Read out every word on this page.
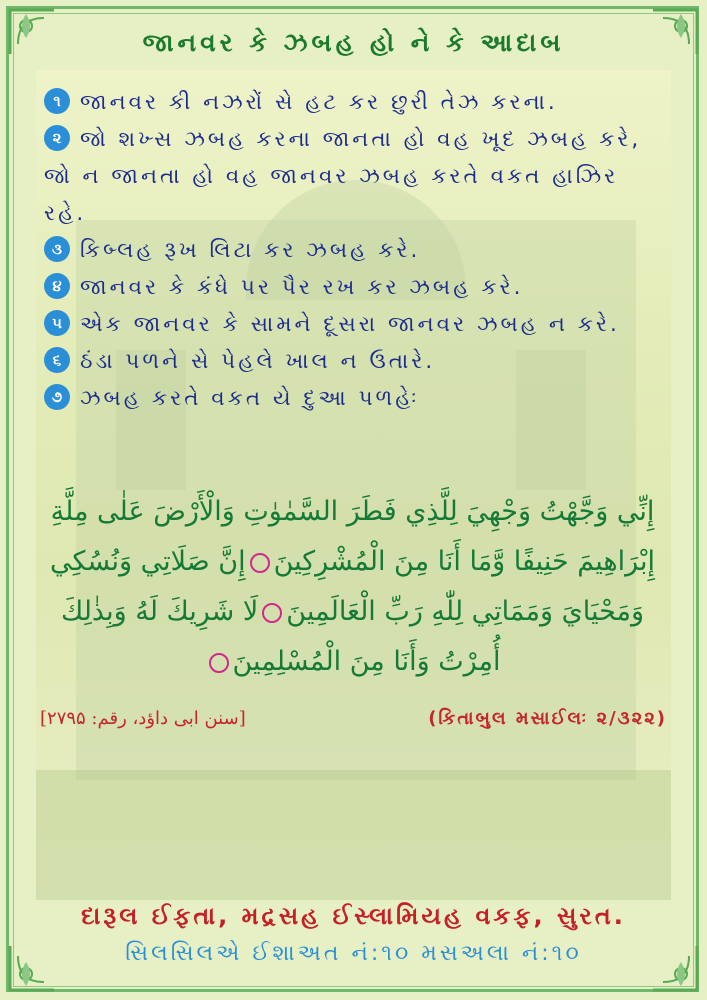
જાનવર કે ઝબહ હો ને કે આદાબ
૧ જાનવર કી નઝરોં સે હટ કર છુરી તેઝ કરના.
૨ જો શખ્સ ઝબહ કરના જાનતા હો વહ ખૂદ ઝબહ કરે, જો ન જાનતા હો વહ જાનવર ઝબહ કરતે વકત હાઝિર રહે.
૩ કિબ્લહ રૂખ લિટા કર ઝબહ કરે.
૪ જાનવર કે કંધે પર પૈર રખ કર ઝબહ કરે.
૫ એક જાનવર કે સામને દૂસરા જાનવર ઝબહ ન કરે.
૬ ઠંડા પળને સે પેહલે ખાલ ન ઉતારે.
૭ ઝબહ કરતે વકત યે દુઆ પળહેઃ
إِنِّي وَجَّهْتُ وَجْهِيَ لِلَّذِي فَطَرَ السَّمٰوٰتِ وَالْأَرْضَ عَلٰى مِلَّةِ
إِبْرَاهِيمَ حَنِيفًا وَّمَا أَنَا مِنَ الْمُشْرِكِينَإِنَّ صَلَاتِي وَنُسُكِي
وَمَحْيَايَ وَمَمَاتِي لِلّٰهِ رَبِّ الْعَالَمِينَلَا شَرِيكَ لَهُ وَبِذٰلِكَ
أُمِرْتُ وَأَنَا مِنَ الْمُسْلِمِينَ
[سنن ابی داؤد، رقم: ۲۷۹۵]	(કિતાબુલ મસાઈલઃ ૨/૩૨૨)
દારૂલ ઈફતા, મદ્રસહ ઈસ્લામિયહ વકફ, સુરત.
સિલસિલએ ઈશાઅત નં:૧૦ મસઅલા નં:૧૦
